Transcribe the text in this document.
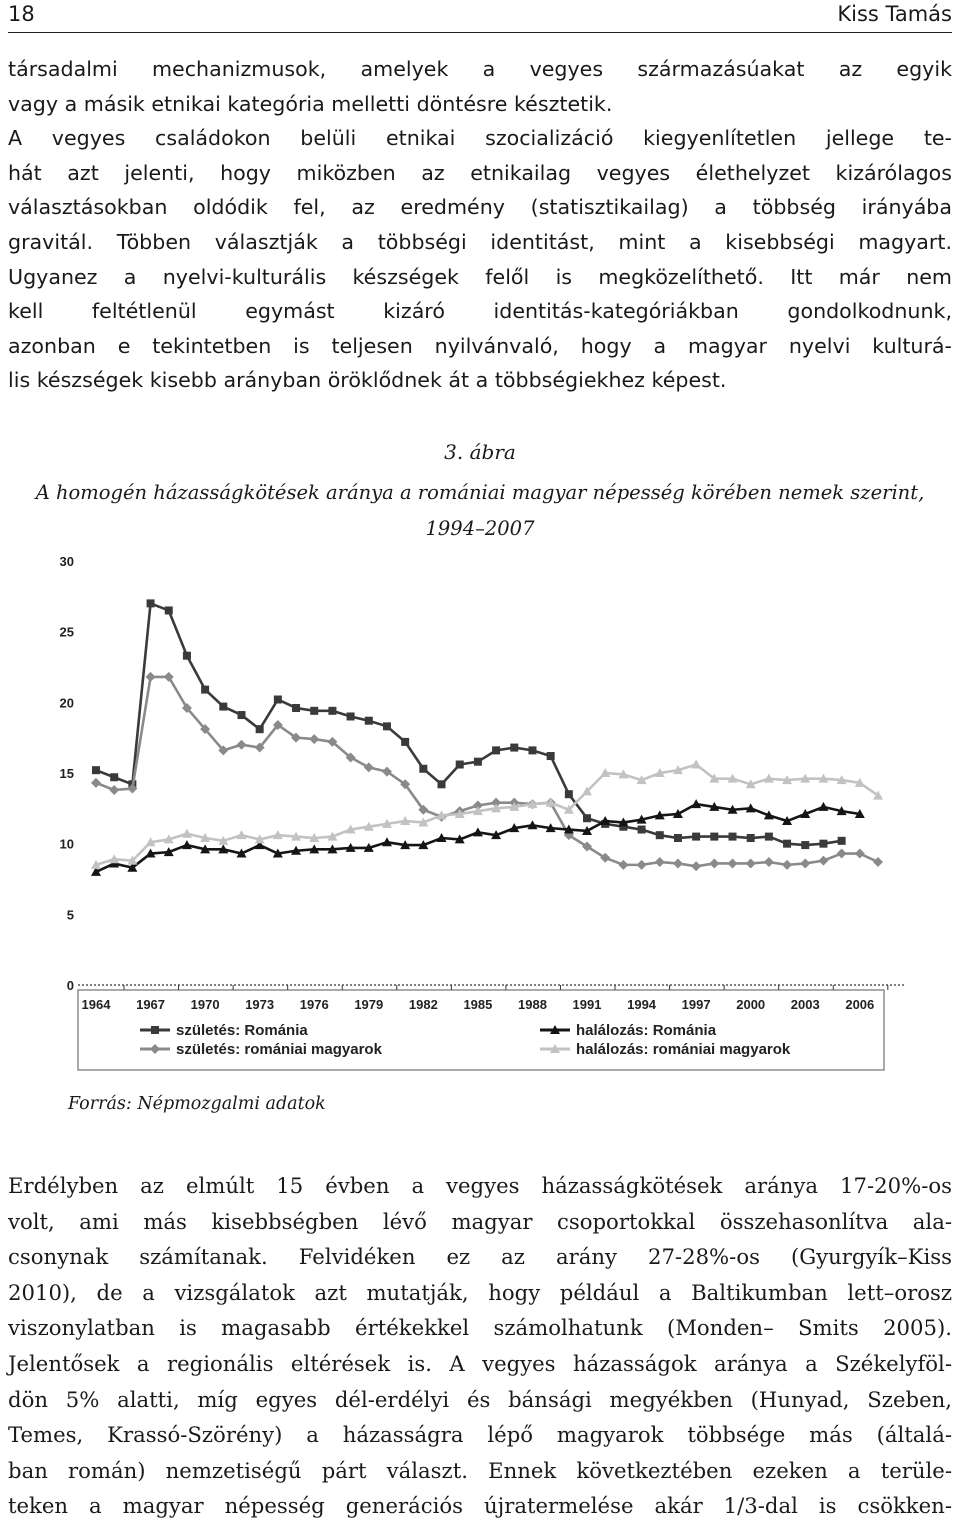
18	Kiss Tamás
társadalmi mechanizmusok, amelyek a vegyes származásúakat az egyik
vagy a másik etnikai kategória melletti döntésre késztetik.
A vegyes családokon belüli etnikai szocializáció kiegyenlítetlen jellege te-
hát azt jelenti, hogy miközben az etnikailag vegyes élethelyzet kizárólagos
választásokban oldódik fel, az eredmény (statisztikailag) a többség irányába
gravitál. Többen választják a többségi identitást, mint a kisebbségi magyart.
Ugyanez a nyelvi-kulturális készségek felől is megközelíthető. Itt már nem
kell feltétlenül egymást kizáró identitás-kategóriákban gondolkodnunk,
azonban e tekintetben is teljesen nyilvánvaló, hogy a magyar nyelvi kulturá-
lis készségek kisebb arányban öröklődnek át a többségiekhez képest.
3. ábra
A homogén házasságkötések aránya a romániai magyar népesség körében nemek szerint,
1994–2007
0
5
10
15
20
25
30
1964 1967 1970 1973 1976 1979 1982 1985 1988 1991 1994 1997 2000 2003 2006
születés: Románia
születés: romániai magyarok
halálozás: Románia
halálozás: romániai magyarok
Forrás: Népmozgalmi adatok
Erdélyben az elmúlt 15 évben a vegyes házasságkötések aránya 17-20%-os
volt, ami más kisebbségben lévő magyar csoportokkal összehasonlítva ala-
csonynak számítanak. Felvidéken ez az arány 27-28%-os (Gyurgyík–Kiss
2010), de a vizsgálatok azt mutatják, hogy például a Baltikumban lett–orosz
viszonylatban is magasabb értékekkel számolhatunk (Monden– Smits 2005).
Jelentősek a regionális eltérések is. A vegyes házasságok aránya a Székelyföl-
dön 5% alatti, míg egyes dél-erdélyi és bánsági megyékben (Hunyad, Szeben,
Temes, Krassó-Szörény) a házasságra lépő magyarok többsége más (általá-
ban román) nemzetiségű párt választ. Ennek következtében ezeken a terüle-
teken a magyar népesség generációs újratermelése akár 1/3-dal is csökken-
